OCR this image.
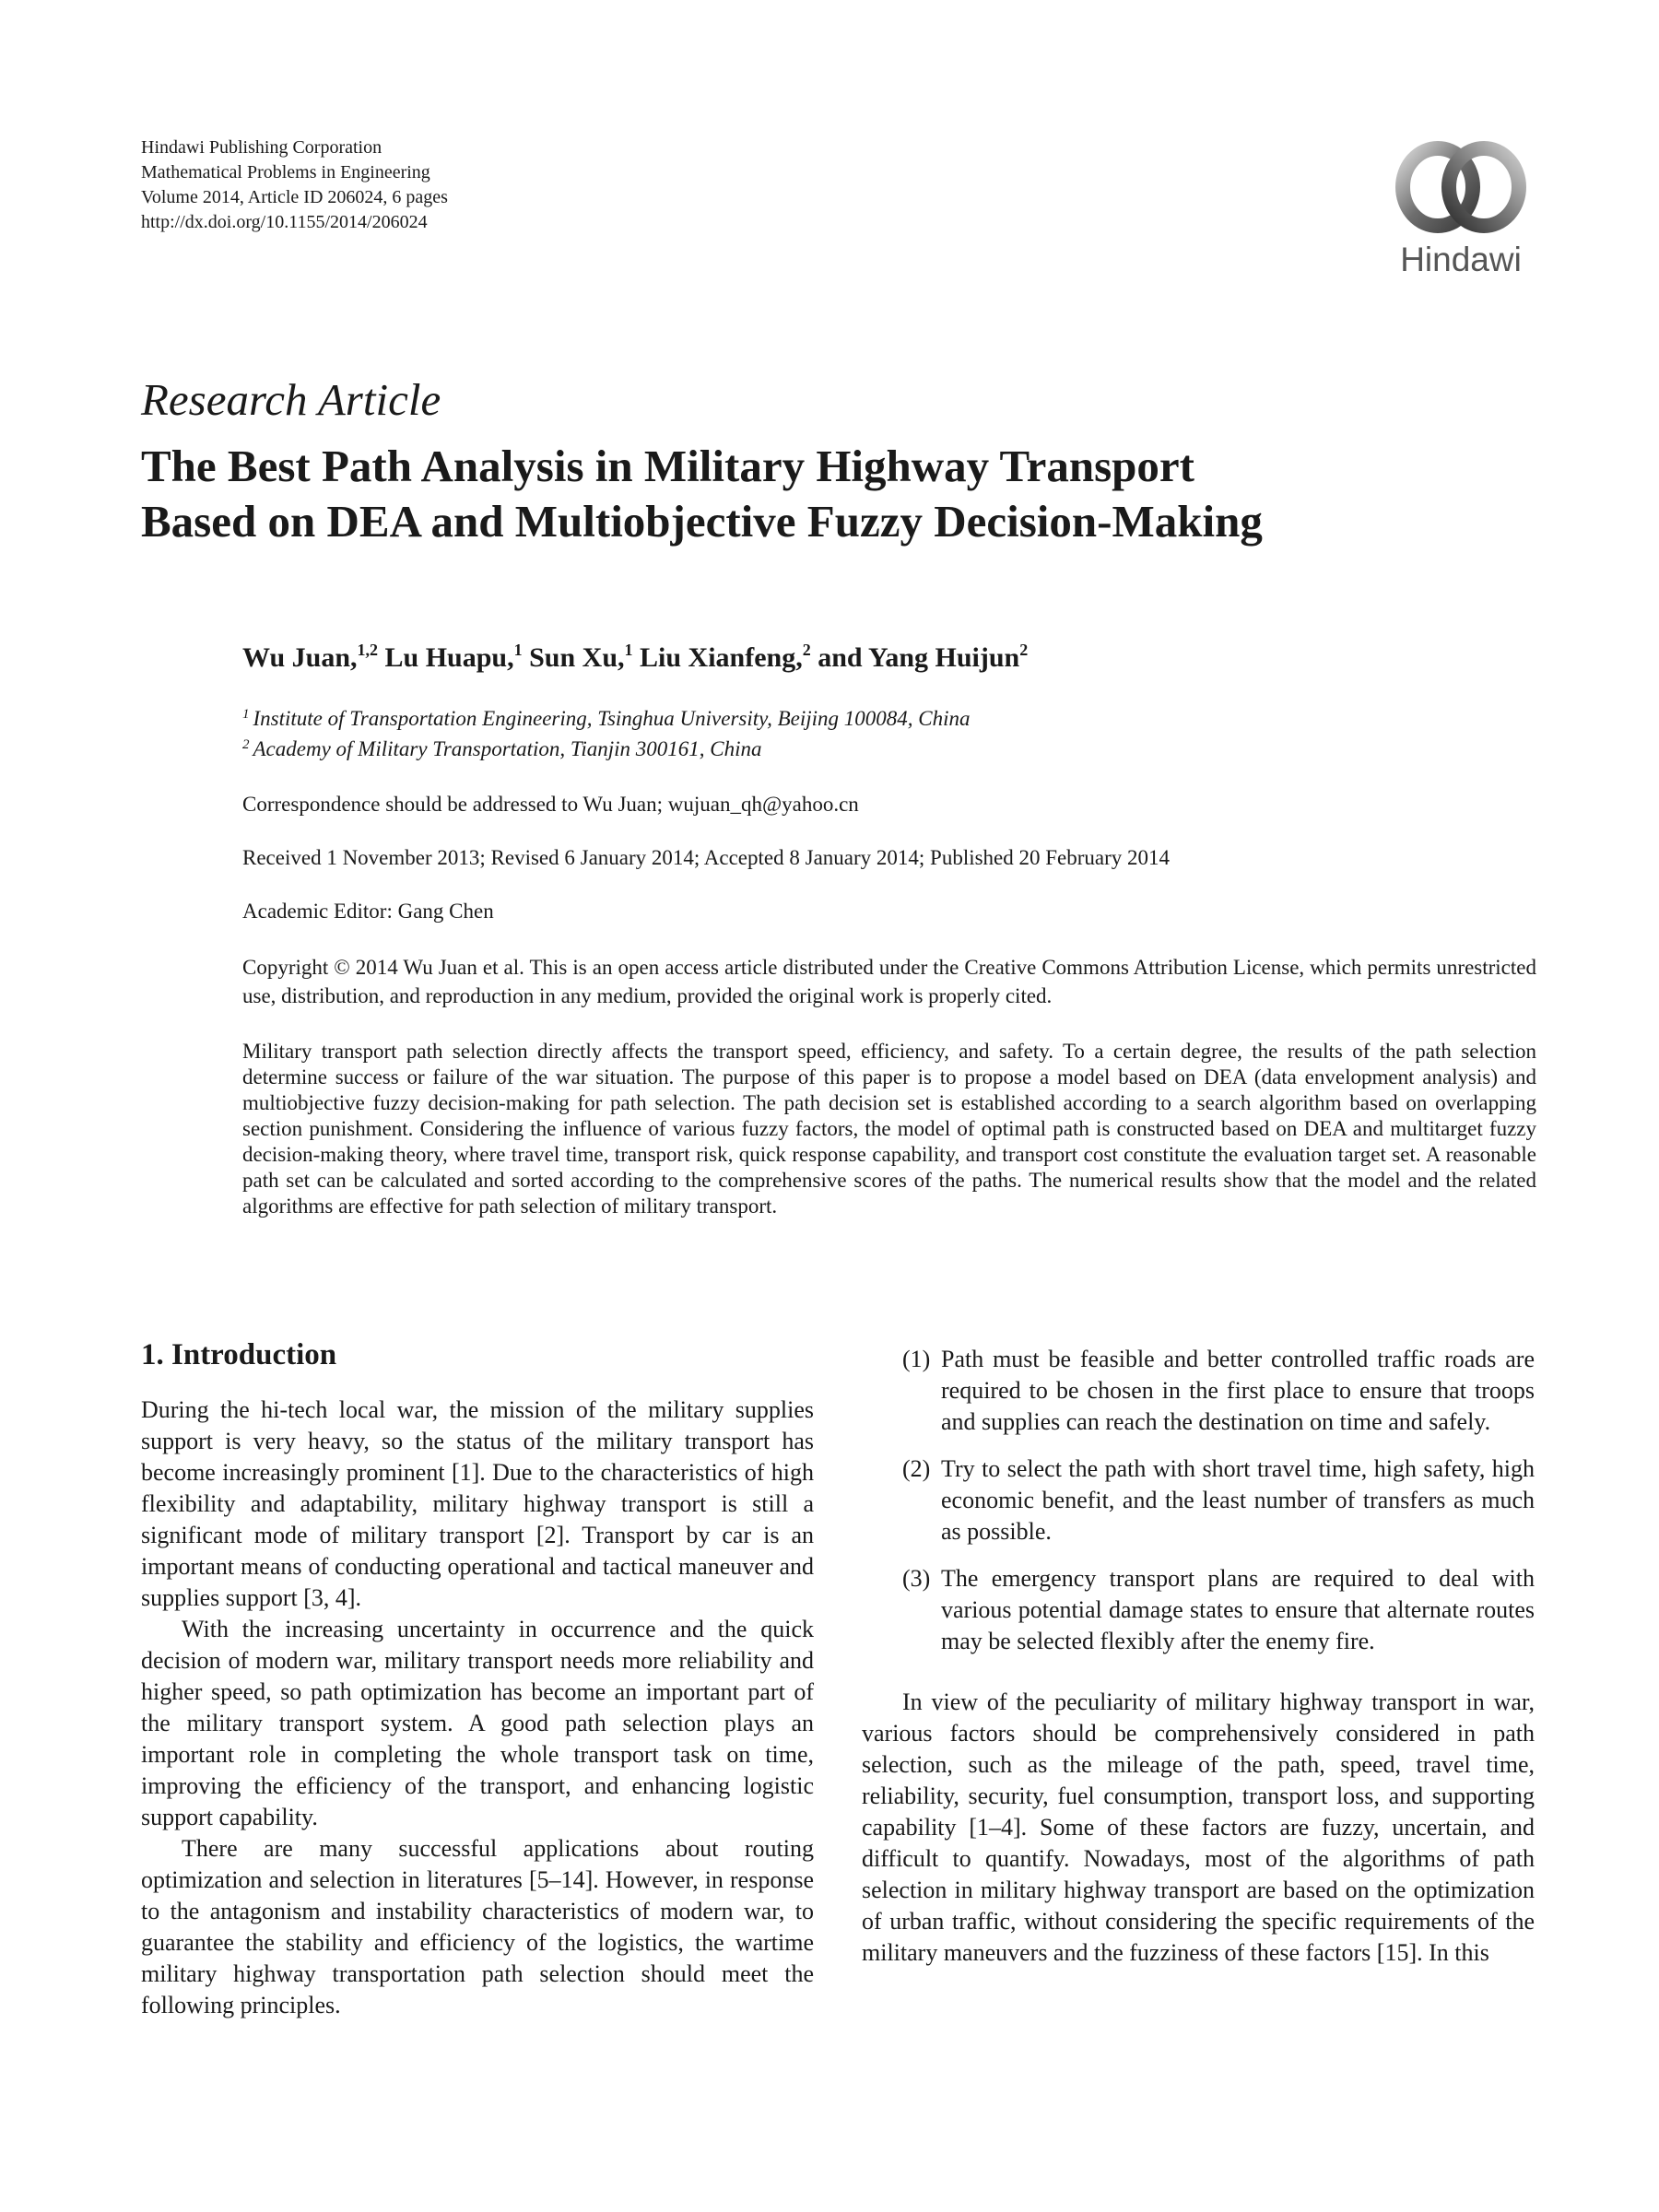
Hindawi Publishing Corporation
Mathematical Problems in Engineering
Volume 2014, Article ID 206024, 6 pages
http://dx.doi.org/10.1155/2014/206024
Hindawi
Research Article
The Best Path Analysis in Military Highway Transport
Based on DEA and Multiobjective Fuzzy Decision-Making
Wu Juan,$^{1,2}$ Lu Huapu,$^1$ Sun Xu,$^1$ Liu Xianfeng,$^2$ and Yang Huijun$^2$
$^1$ Institute of Transportation Engineering, Tsinghua University, Beijing 100084, China
$^2$ Academy of Military Transportation, Tianjin 300161, China
Correspondence should be addressed to Wu Juan; wujuan_qh@yahoo.cn
Received 1 November 2013; Revised 6 January 2014; Accepted 8 January 2014; Published 20 February 2014
Academic Editor: Gang Chen
Copyright © 2014 Wu Juan et al. This is an open access article distributed under the Creative Commons Attribution License, which permits unrestricted use, distribution, and reproduction in any medium, provided the original work is properly cited.
Military transport path selection directly affects the transport speed, efficiency, and safety. To a certain degree, the results of the path selection determine success or failure of the war situation. The purpose of this paper is to propose a model based on DEA (data envelopment analysis) and multiobjective fuzzy decision-making for path selection. The path decision set is established according to a search algorithm based on overlapping section punishment. Considering the influence of various fuzzy factors, the model of optimal path is constructed based on DEA and multitarget fuzzy decision-making theory, where travel time, transport risk, quick response capability, and transport cost constitute the evaluation target set. A reasonable path set can be calculated and sorted according to the comprehensive scores of the paths. The numerical results show that the model and the related algorithms are effective for path selection of military transport.
1. Introduction

During the hi-tech local war, the mission of the military supplies support is very heavy, so the status of the military transport has become increasingly prominent [1]. Due to the characteristics of high flexibility and adaptability, military highway transport is still a significant mode of military transport [2]. Transport by car is an important means of conducting operational and tactical maneuver and supplies support [3, 4].

With the increasing uncertainty in occurrence and the quick decision of modern war, military transport needs more reliability and higher speed, so path optimization has become an important part of the military transport system. A good path selection plays an important role in completing the whole transport task on time, improving the efficiency of the transport, and enhancing logistic support capability.

There are many successful applications about routing optimization and selection in literatures [5–14]. However, in response to the antagonism and instability characteristics of modern war, to guarantee the stability and efficiency of the logistics, the wartime military highway transportation path selection should meet the following principles.

(1) Path must be feasible and better controlled traffic roads are required to be chosen in the first place to ensure that troops and supplies can reach the destination on time and safely.
(2) Try to select the path with short travel time, high safety, high economic benefit, and the least number of transfers as much as possible.
(3) The emergency transport plans are required to deal with various potential damage states to ensure that alternate routes may be selected flexibly after the enemy fire.

In view of the peculiarity of military highway transport in war, various factors should be comprehensively considered in path selection, such as the mileage of the path, speed, travel time, reliability, security, fuel consumption, transport loss, and supporting capability [1–4]. Some of these factors are fuzzy, uncertain, and difficult to quantify. Nowadays, most of the algorithms of path selection in military highway transport are based on the optimization of urban traffic, without considering the specific requirements of the military maneuvers and the fuzziness of these factors [15]. In this
